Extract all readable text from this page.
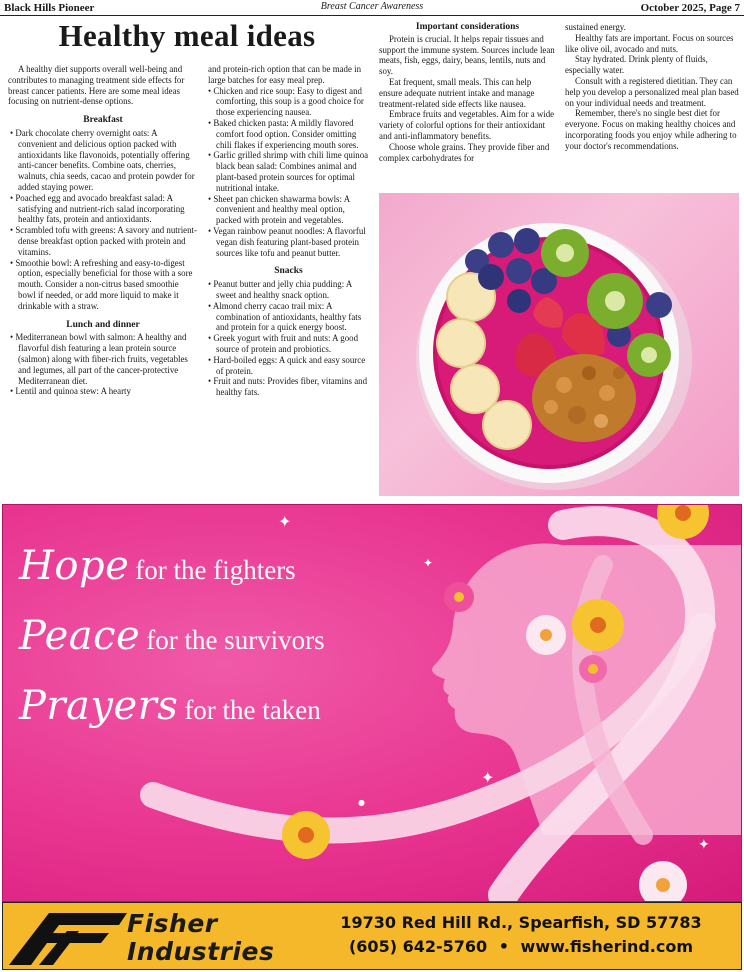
Black Hills Pioneer	Breast Cancer Awareness	October 2025, Page 7
Healthy meal ideas

A healthy diet supports overall well-being and contributes to managing treatment side effects for breast cancer patients. Here are some meal ideas focusing on nutrient-dense options.

Breakfast
• Dark chocolate cherry overnight oats: A convenient and delicious option packed with antioxidants like flavonoids, potentially offering anti-cancer benefits. Combine oats, cherries, walnuts, chia seeds, cacao and protein powder for added staying power.
• Poached egg and avocado breakfast salad: A satisfying and nutrient-rich salad incorporating healthy fats, protein and antioxidants.
• Scrambled tofu with greens: A savory and nutrient-dense breakfast option packed with protein and vitamins.
• Smoothie bowl: A refreshing and easy-to-digest option, especially beneficial for those with a sore mouth. Consider a non-citrus based smoothie bowl if needed, or add more liquid to make it drinkable with a straw.
Lunch and dinner
• Mediterranean bowl with salmon: A healthy and flavorful dish featuring a lean protein source (salmon) along with fiber-rich fruits, vegetables and legumes, all part of the cancer-protective Mediterranean diet.
• Lentil and quinoa stew: A hearty
and protein-rich option that can be made in large batches for easy meal prep.
• Chicken and rice soup: Easy to digest and comforting, this soup is a good choice for those experiencing nausea.
• Baked chicken pasta: A mildly flavored comfort food option. Consider omitting chili flakes if experiencing mouth sores.
• Garlic grilled shrimp with chili lime quinoa black bean salad: Combines animal and plant-based protein sources for optimal nutritional intake.
• Sheet pan chicken shawarma bowls: A convenient and healthy meal option, packed with protein and vegetables.
• Vegan rainbow peanut noodles: A flavorful vegan dish featuring plant-based protein sources like tofu and peanut butter.
Snacks
• Peanut butter and jelly chia pudding: A sweet and healthy snack option.
• Almond cherry cacao trail mix: A combination of antioxidants, healthy fats and protein for a quick energy boost.
• Greek yogurt with fruit and nuts: A good source of protein and probiotics.
• Hard-boiled eggs: A quick and easy source of protein.
• Fruit and nuts: Provides fiber, vitamins and healthy fats.
Important considerations

Protein is crucial. It helps repair tissues and support the immune system. Sources include lean meats, fish, eggs, dairy, beans, lentils, nuts and soy.

Eat frequent, small meals. This can help ensure adequate nutrient intake and manage treatment-related side effects like nausea.

Embrace fruits and vegetables. Aim for a wide variety of colorful options for their antioxidant and anti-inflammatory benefits.

Choose whole grains. They provide fiber and complex carbohydrates for

sustained energy.

Healthy fats are important. Focus on sources like olive oil, avocado and nuts.

Stay hydrated. Drink plenty of fluids, especially water.

Consult with a registered dietitian. They can help you develop a personalized meal plan based on your individual needs and treatment.

Remember, there's no single best diet for everyone. Focus on making healthy choices and incorporating foods you enjoy while adhering to your doctor's recommendations.

✦
✦
✦
✦
●
Hope for the fighters
Peace for the survivors
Prayers for the taken
Fisher
Industries
19730 Red Hill Rd., Spearfish, SD 57783
(605) 642-5760 • www.fisherind.com
